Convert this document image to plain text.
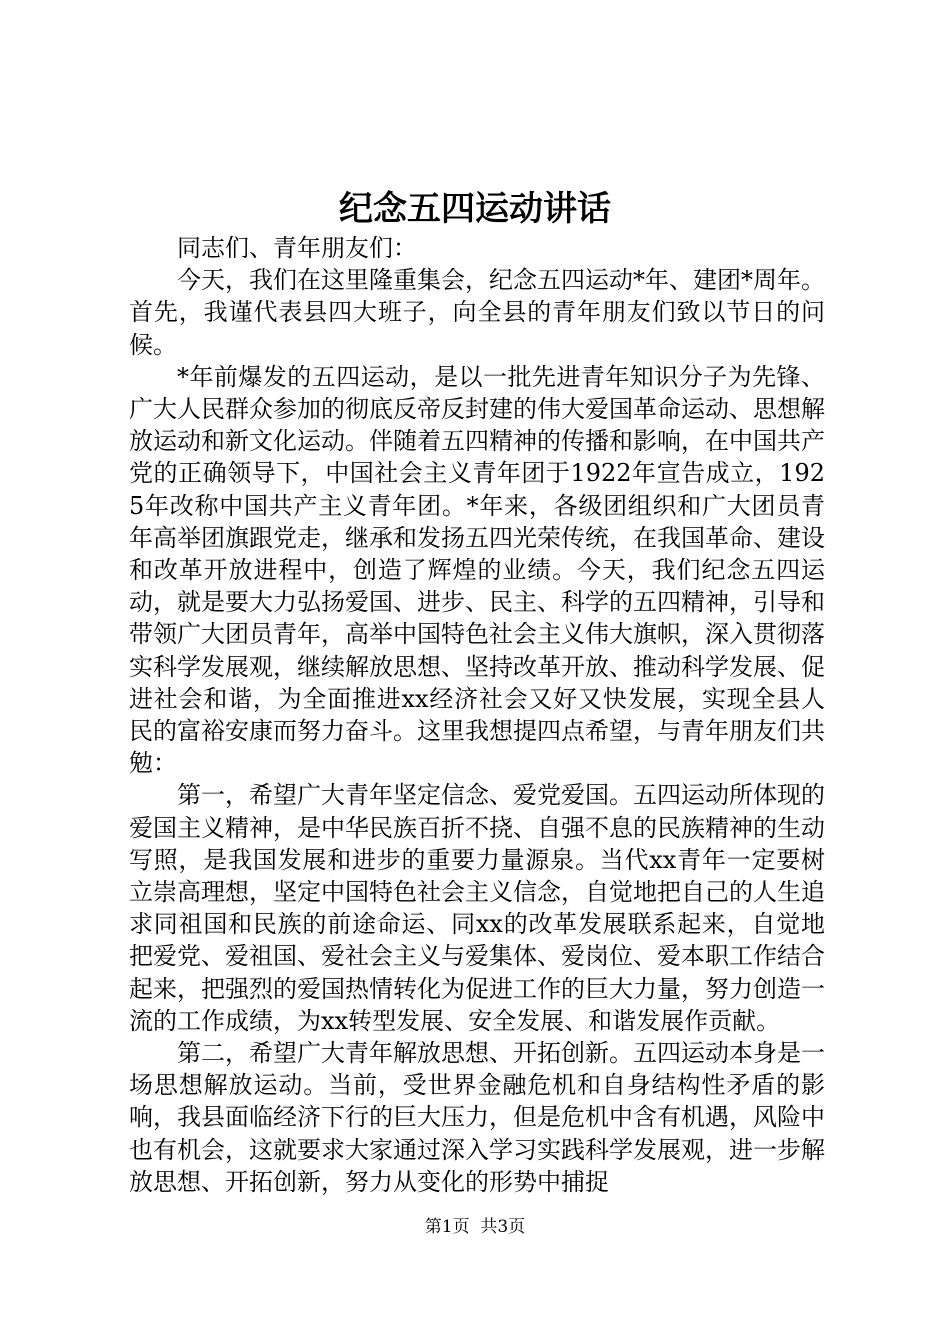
纪念五四运动讲话

同志们、青年朋友们：

今天，我们在这里隆重集会，纪念五四运动*年、建团*周年。首先，我谨代表县四大班子，向全县的青年朋友们致以节日的问候。

*年前爆发的五四运动，是以一批先进青年知识分子为先锋、广大人民群众参加的彻底反帝反封建的伟大爱国革命运动、思想解放运动和新文化运动。伴随着五四精神的传播和影响，在中国共产党的正确领导下，中国社会主义青年团于1922年宣告成立，1925年改称中国共产主义青年团。*年来，各级团组织和广大团员青年高举团旗跟党走，继承和发扬五四光荣传统，在我国革命、建设和改革开放进程中，创造了辉煌的业绩。今天，我们纪念五四运动，就是要大力弘扬爱国、进步、民主、科学的五四精神，引导和带领广大团员青年，高举中国特色社会主义伟大旗帜，深入贯彻落实科学发展观，继续解放思想、坚持改革开放、推动科学发展、促进社会和谐，为全面推进xx经济社会又好又快发展，实现全县人民的富裕安康而努力奋斗。这里我想提四点希望，与青年朋友们共勉：

第一，希望广大青年坚定信念、爱党爱国。五四运动所体现的爱国主义精神，是中华民族百折不挠、自强不息的民族精神的生动写照，是我国发展和进步的重要力量源泉。当代xx青年一定要树立崇高理想，坚定中国特色社会主义信念，自觉地把自己的人生追求同祖国和民族的前途命运、同xx的改革发展联系起来，自觉地把爱党、爱祖国、爱社会主义与爱集体、爱岗位、爱本职工作结合起来，把强烈的爱国热情转化为促进工作的巨大力量，努力创造一流的工作成绩，为xx转型发展、安全发展、和谐发展作贡献。

第二，希望广大青年解放思想、开拓创新。五四运动本身是一场思想解放运动。当前，受世界金融危机和自身结构性矛盾的影响，我县面临经济下行的巨大压力，但是危机中含有机遇，风险中也有机会，这就要求大家通过深入学习实践科学发展观，进一步解放思想、开拓创新，努力从变化的形势中捕捉

第1页 共3页
